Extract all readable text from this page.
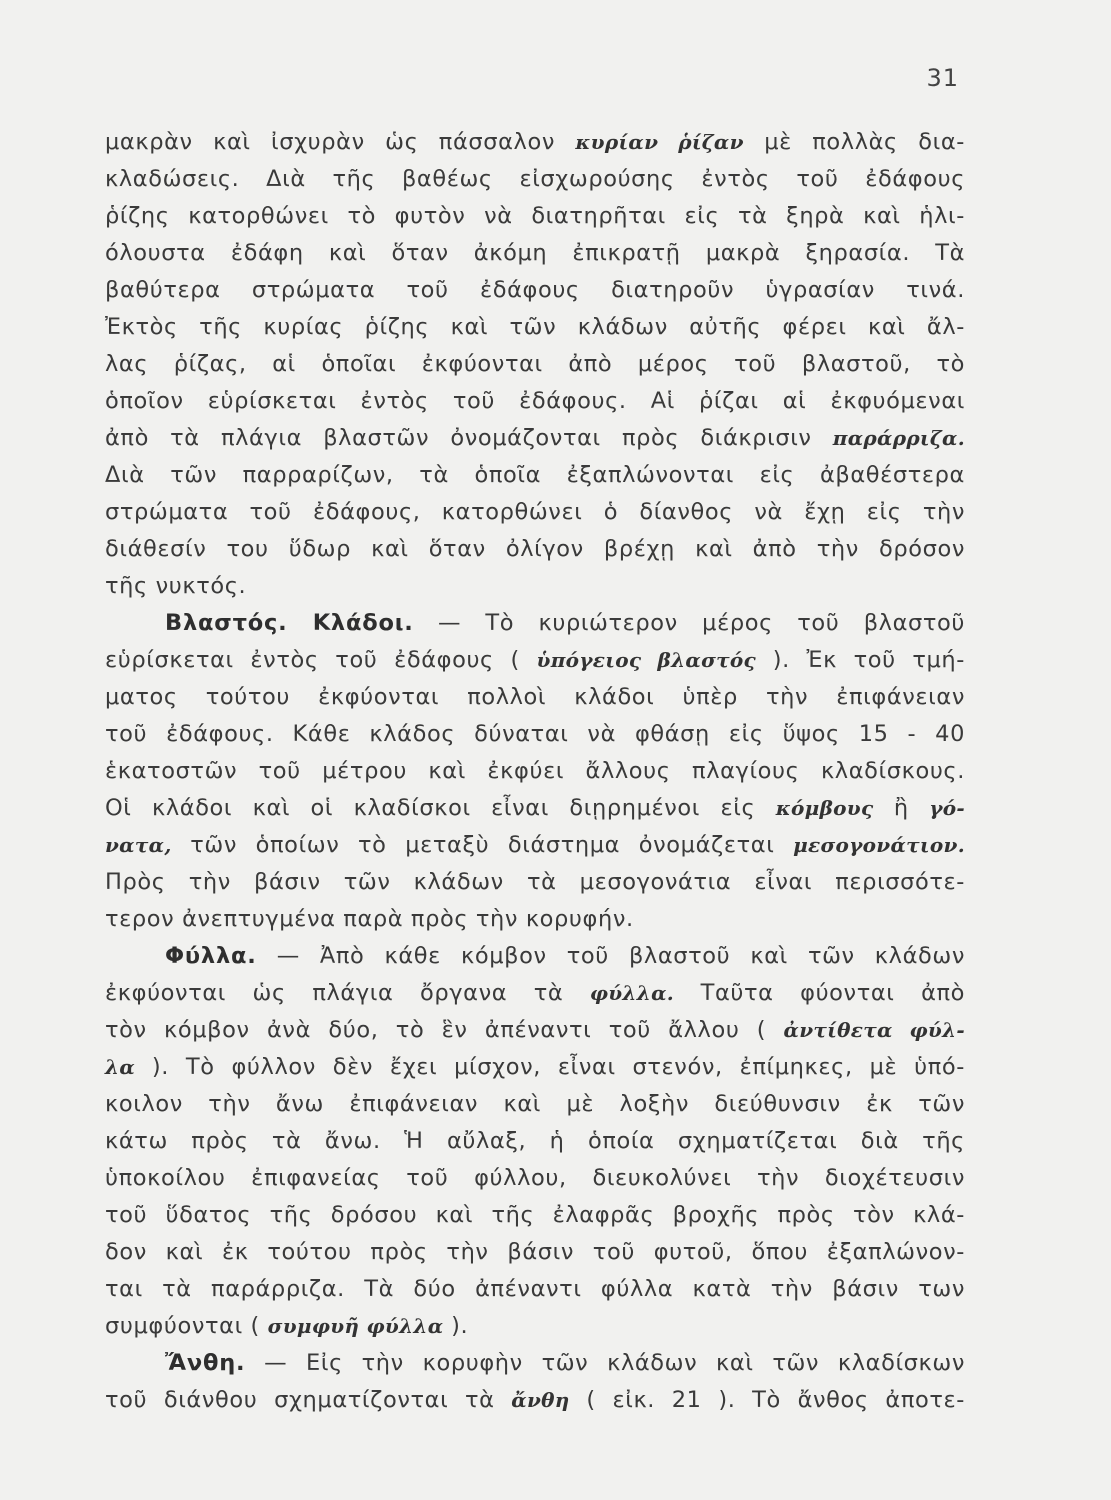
31
μακρὰν καὶ ἰσχυρὰν ὡς πάσσαλον κυρίαν ῥίζαν μὲ πολλὰς δια-
κλαδώσεις. Διὰ τῆς βαθέως εἰσχωρούσης ἐντὸς τοῦ ἐδάφους
ῥίζης κατορθώνει τὸ φυτὸν νὰ διατηρῆται εἰς τὰ ξηρὰ καὶ ἡλι-
όλουστα ἐδάφη καὶ ὅταν ἀκόμη ἐπικρατῇ μακρὰ ξηρασία. Τὰ
βαθύτερα στρώματα τοῦ ἐδάφους διατηροῦν ὑγρασίαν τινά.
Ἐκτὸς τῆς κυρίας ῥίζης καὶ τῶν κλάδων αὐτῆς φέρει καὶ ἄλ-
λας ῥίζας, αἱ ὁποῖαι ἐκφύονται ἀπὸ μέρος τοῦ βλαστοῦ, τὸ
ὁποῖον εὑρίσκεται ἐντὸς τοῦ ἐδάφους. Αἱ ῥίζαι αἱ ἐκφυόμεναι
ἀπὸ τὰ πλάγια βλαστῶν ὀνομάζονται πρὸς διάκρισιν παράρριζα.
Διὰ τῶν παρραρίζων, τὰ ὁποῖα ἐξαπλώνονται εἰς ἀβαθέστερα
στρώματα τοῦ ἐδάφους, κατορθώνει ὁ δίανθος νὰ ἔχῃ εἰς τὴν
διάθεσίν του ὕδωρ καὶ ὅταν ὀλίγον βρέχῃ καὶ ἀπὸ τὴν δρόσον
τῆς νυκτός.
Βλαστός. Κλάδοι. — Τὸ κυριώτερον μέρος τοῦ βλαστοῦ
εὑρίσκεται ἐντὸς τοῦ ἐδάφους ( ὑπόγειος βλαστός ). Ἐκ τοῦ τμή-
ματος τούτου ἐκφύονται πολλοὶ κλάδοι ὑπὲρ τὴν ἐπιφάνειαν
τοῦ ἐδάφους. Κάθε κλάδος δύναται νὰ φθάσῃ εἰς ὕψος 15 - 40
ἑκατοστῶν τοῦ μέτρου καὶ ἐκφύει ἄλλους πλαγίους κλαδίσκους.
Οἱ κλάδοι καὶ οἱ κλαδίσκοι εἶναι διῃρημένοι εἰς κόμβους ἢ γό-
νατα, τῶν ὁποίων τὸ μεταξὺ διάστημα ὀνομάζεται μεσογονάτιον.
Πρὸς τὴν βάσιν τῶν κλάδων τὰ μεσογονάτια εἶναι περισσότε-
τερον ἀνεπτυγμένα παρὰ πρὸς τὴν κορυφήν.
Φύλλα. — Ἀπὸ κάθε κόμβον τοῦ βλαστοῦ καὶ τῶν κλάδων
ἐκφύονται ὡς πλάγια ὄργανα τὰ φύλλα. Ταῦτα φύονται ἀπὸ
τὸν κόμβον ἀνὰ δύο, τὸ ἓν ἀπέναντι τοῦ ἄλλου ( ἀντίθετα φύλ-
λα ). Τὸ φύλλον δὲν ἔχει μίσχον, εἶναι στενόν, ἐπίμηκες, μὲ ὑπό-
κοιλον τὴν ἄνω ἐπιφάνειαν καὶ μὲ λοξὴν διεύθυνσιν ἐκ τῶν
κάτω πρὸς τὰ ἄνω. Ἡ αὔλαξ, ἡ ὁποία σχηματίζεται διὰ τῆς
ὑποκοίλου ἐπιφανείας τοῦ φύλλου, διευκολύνει τὴν διοχέτευσιν
τοῦ ὕδατος τῆς δρόσου καὶ τῆς ἐλαφρᾶς βροχῆς πρὸς τὸν κλά-
δον καὶ ἐκ τούτου πρὸς τὴν βάσιν τοῦ φυτοῦ, ὅπου ἐξαπλώνον-
ται τὰ παράρριζα. Τὰ δύο ἀπέναντι φύλλα κατὰ τὴν βάσιν των
συμφύονται ( συμφυῆ φύλλα ).
Ἄνθη. — Εἰς τὴν κορυφὴν τῶν κλάδων καὶ τῶν κλαδίσκων
τοῦ διάνθου σχηματίζονται τὰ ἄνθη ( εἰκ. 21 ). Τὸ ἄνθος ἀποτε-
